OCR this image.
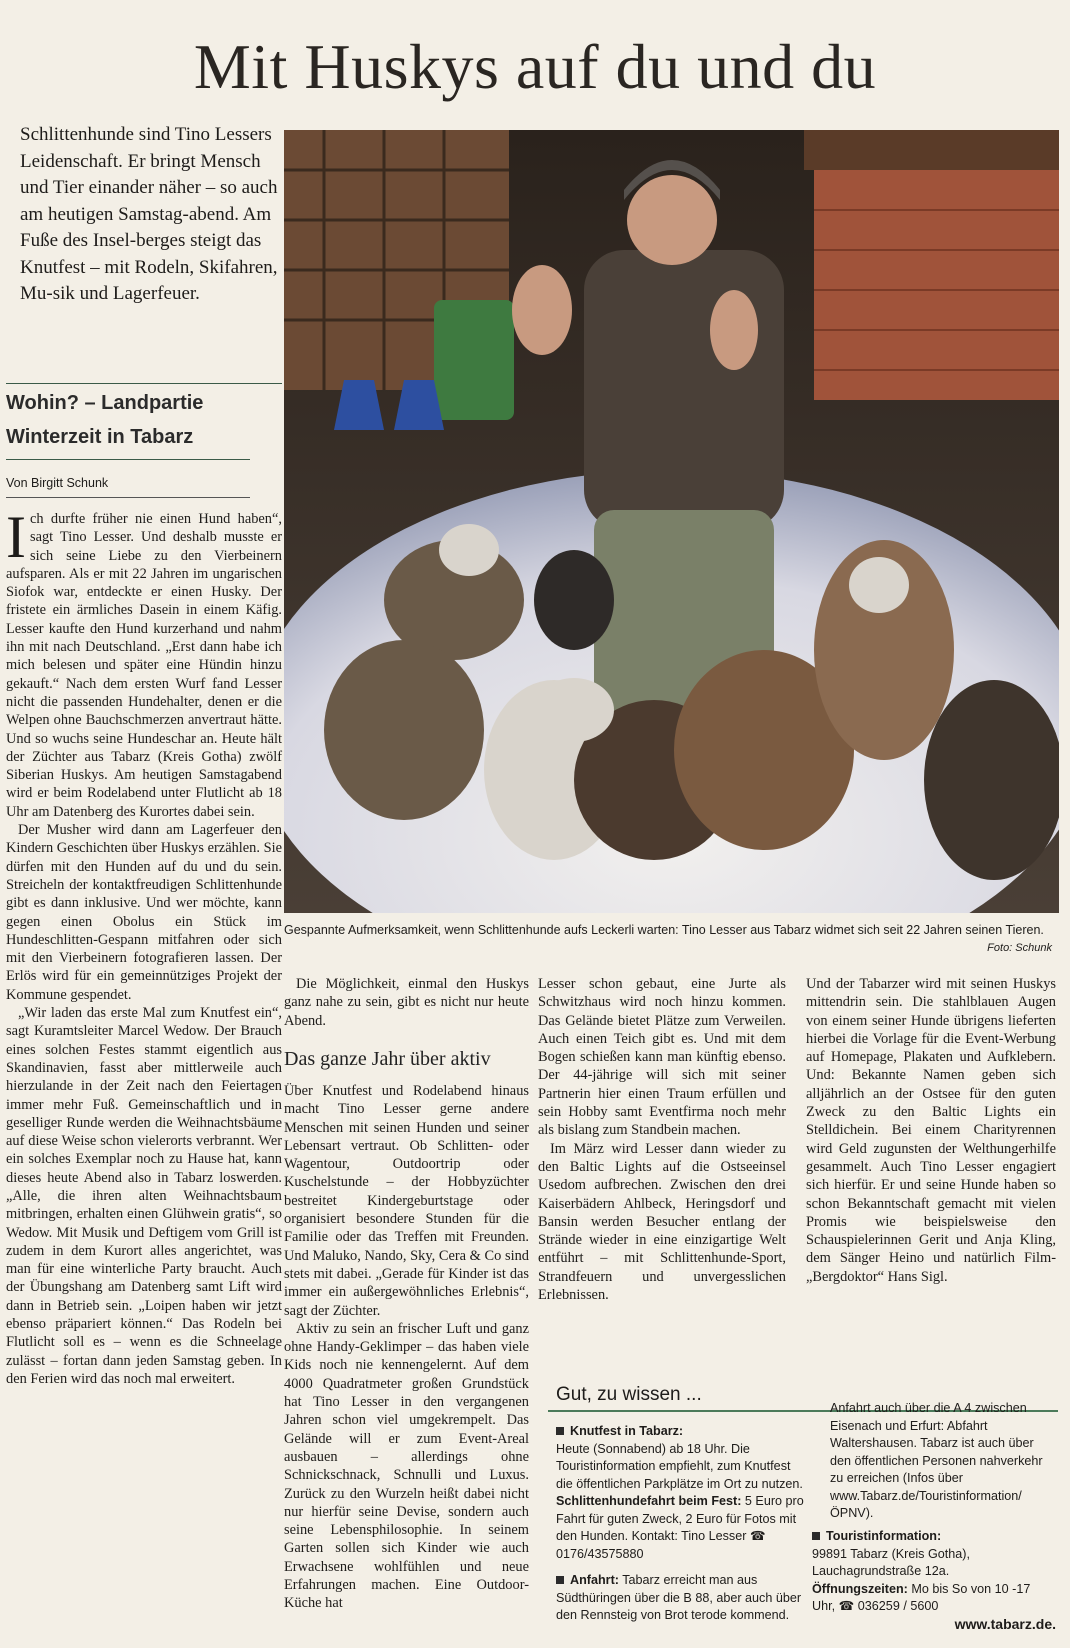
Mit Huskys auf du und du

Schlittenhunde sind Tino Lessers Leidenschaft. Er bringt Mensch und Tier einander näher – so auch am heutigen Samstag-abend. Am Fuße des Insel-berges steigt das Knutfest – mit Rodeln, Skifahren, Mu-sik und Lagerfeuer.

Wohin? – Landpartie
Winterzeit in Tabarz
Von Birgitt Schunk

Ich durfte früher nie einen Hund haben“, sagt Tino Lesser. Und deshalb musste er sich seine Liebe zu den Vierbeinern aufsparen. Als er mit 22 Jahren im ungarischen Siofok war, entdeckte er einen Husky. Der fristete ein ärmliches Dasein in einem Käfig. Lesser kaufte den Hund kurzerhand und nahm ihn mit nach Deutschland. „Erst dann habe ich mich belesen und später eine Hündin hinzu gekauft.“ Nach dem ersten Wurf fand Lesser nicht die passenden Hundehalter, denen er die Welpen ohne Bauchschmerzen anvertraut hätte. Und so wuchs seine Hundeschar an. Heute hält der Züchter aus Tabarz (Kreis Gotha) zwölf Siberian Huskys. Am heutigen Samstagabend wird er beim Rodelabend unter Flutlicht ab 18 Uhr am Datenberg des Kurortes dabei sein.

Der Musher wird dann am Lagerfeuer den Kindern Geschichten über Huskys erzählen. Sie dürfen mit den Hunden auf du und du sein. Streicheln der kontaktfreudigen Schlittenhunde gibt es dann inklusive. Und wer möchte, kann gegen einen Obolus ein Stück im Hundeschlitten-Gespann mitfahren oder sich mit den Vierbeinern fotografieren lassen. Der Erlös wird für ein gemeinnütziges Projekt der Kommune gespendet.

„Wir laden das erste Mal zum Knutfest ein“, sagt Kuramtsleiter Marcel Wedow. Der Brauch eines solchen Festes stammt eigentlich aus Skandinavien, fasst aber mittlerweile auch hierzulande in der Zeit nach den Feiertagen immer mehr Fuß. Gemeinschaftlich und in geselliger Runde werden die Weihnachtsbäume auf diese Weise schon vielerorts verbrannt. Wer ein solches Exemplar noch zu Hause hat, kann dieses heute Abend also in Tabarz loswerden. „Alle, die ihren alten Weihnachtsbaum mitbringen, erhalten einen Glühwein gratis“, so Wedow. Mit Musik und Deftigem vom Grill ist zudem in dem Kurort alles angerichtet, was man für eine winterliche Party braucht. Auch der Übungshang am Datenberg samt Lift wird dann in Betrieb sein. „Loipen haben wir jetzt ebenso präpariert können.“ Das Rodeln bei Flutlicht soll es – wenn es die Schneelage zulässt – fortan dann jeden Samstag geben. In den Ferien wird das noch mal erweitert.

Gespannte Aufmerksamkeit, wenn Schlittenhunde aufs Leckerli warten: Tino Lesser aus Tabarz widmet sich seit 22 Jahren seinen Tieren.
Foto: Schunk

Die Möglichkeit, einmal den Huskys ganz nahe zu sein, gibt es nicht nur heute Abend.

Das ganze Jahr über aktiv

Über Knutfest und Rodelabend hinaus macht Tino Lesser gerne andere Menschen mit seinen Hunden und seiner Lebensart vertraut. Ob Schlitten- oder Wagentour, Outdoortrip oder Kuschelstunde – der Hobbyzüchter bestreitet Kindergeburtstage oder organisiert besondere Stunden für die Familie oder das Treffen mit Freunden. Und Maluko, Nando, Sky, Cera & Co sind stets mit dabei. „Gerade für Kinder ist das immer ein außergewöhnliches Erlebnis“, sagt der Züchter.

Aktiv zu sein an frischer Luft und ganz ohne Handy-Geklimper – das haben viele Kids noch nie kennengelernt. Auf dem 4000 Quadratmeter großen Grundstück hat Tino Lesser in den vergangenen Jahren schon viel umgekrempelt. Das Gelände will er zum Event-Areal ausbauen – allerdings ohne Schnickschnack, Schnulli und Luxus. Zurück zu den Wurzeln heißt dabei nicht nur hierfür seine Devise, sondern auch seine Lebensphilosophie. In seinem Garten sollen sich Kinder wie auch Erwachsene wohlfühlen und neue Erfahrungen machen. Eine Outdoor-Küche hat

Lesser schon gebaut, eine Jurte als Schwitzhaus wird noch hinzu kommen. Das Gelände bietet Plätze zum Verweilen. Auch einen Teich gibt es. Und mit dem Bogen schießen kann man künftig ebenso. Der 44-jährige will sich mit seiner Partnerin hier einen Traum erfüllen und sein Hobby samt Eventfirma noch mehr als bislang zum Standbein machen.

Im März wird Lesser dann wieder zu den Baltic Lights auf die Ostseeinsel Usedom aufbrechen. Zwischen den drei Kaiserbädern Ahlbeck, Heringsdorf und Bansin werden Besucher entlang der Strände wieder in eine einzigartige Welt entführt – mit Schlittenhunde-Sport, Strandfeuern und unvergesslichen Erlebnissen.

Und der Tabarzer wird mit seinen Huskys mittendrin sein. Die stahlblauen Augen von einem seiner Hunde übrigens lieferten hierbei die Vorlage für die Event-Werbung auf Homepage, Plakaten und Aufklebern. Und: Bekannte Namen geben sich alljährlich an der Ostsee für den guten Zweck zu den Baltic Lights ein Stelldichein. Bei einem Charityrennen wird Geld zugunsten der Welthungerhilfe gesammelt. Auch Tino Lesser engagiert sich hierfür. Er und seine Hunde haben so schon Bekanntschaft gemacht mit vielen Promis wie beispielsweise den Schauspielerinnen Gerit und Anja Kling, dem Sänger Heino und natürlich Film-„Bergdoktor“ Hans Sigl.

Gut, zu wissen ...
Knutfest in Tabarz:
Heute (Sonnabend) ab 18 Uhr. Die Touristinformation empfiehlt, zum Knutfest die öffentlichen Parkplätze im Ort zu nutzen.
Schlittenhundefahrt beim Fest: 5 Euro pro Fahrt für guten Zweck, 2 Euro für Fotos mit den Hunden. Kontakt: Tino Lesser ☎ 0176/43575880
Anfahrt: Tabarz erreicht man aus Südthüringen über die B 88, aber auch über den Rennsteig von Brot terode kommend.
Anfahrt auch über die A 4 zwischen Eisenach und Erfurt: Abfahrt Waltershausen. Tabarz ist auch über den öffentlichen Personen nahverkehr zu erreichen (Infos über www.Tabarz.de/Touristinformation/ÖPNV).
Touristinformation:
99891 Tabarz (Kreis Gotha), Lauchagrundstraße 12a.
Öffnungszeiten: Mo bis So von 10 -17 Uhr, ☎ 036259 / 5600

www.tabarz.de.
